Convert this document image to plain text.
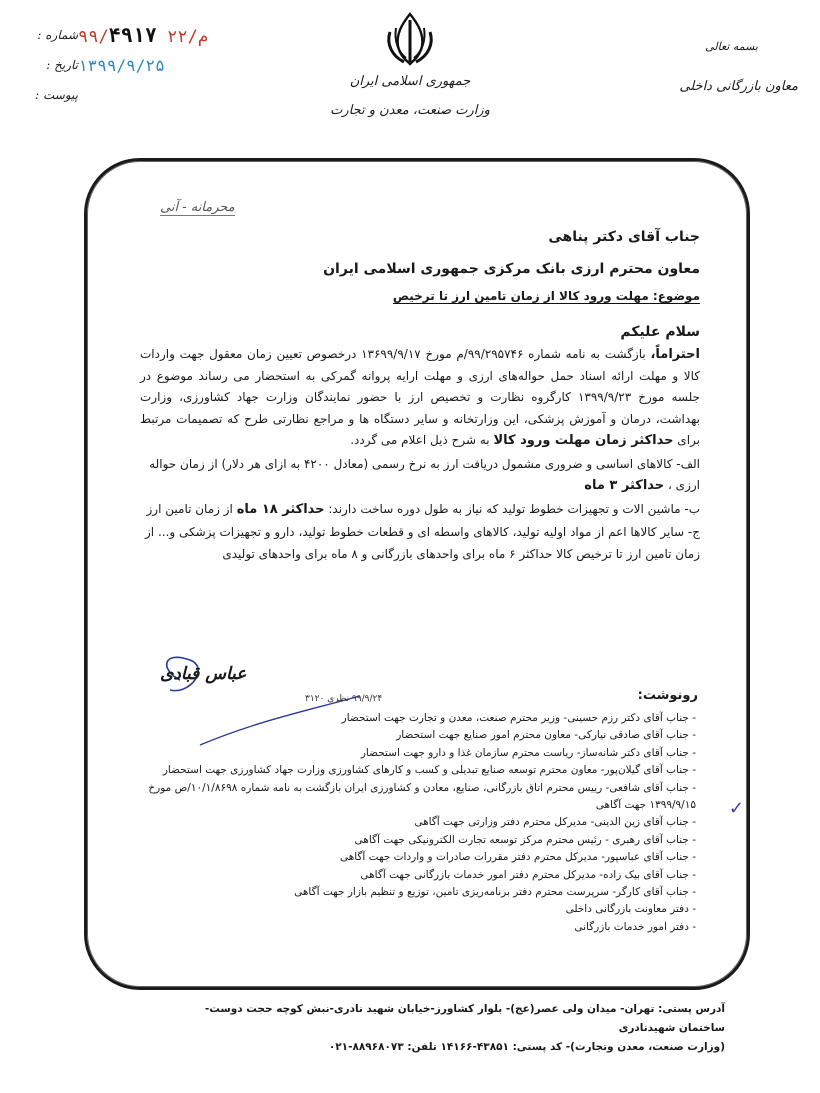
۹۹/م/۲۲ ۴۹۱۷
شماره :
۱۳۹۹/۹/۲۵
تاریخ :
پیوست :
جمهوری اسلامی ایران
وزارت صنعت، معدن و تجارت
بسمه تعالی
معاون بازرگانی داخلی
محرمانه - آنی
جناب آقای دکتر پناهی
معاون محترم ارزی بانک مرکزی جمهوری اسلامی ایران
موضوع: مهلت ورود کالا از زمان تامین ارز تا ترخیص
سلام علیکم

احتراماً، بازگشت به نامه شماره ۹۹/۲۹۵۷۴۶/م مورخ ۱۳۶۹۹/۹/۱۷ درخصوص تعیین زمان معقول جهت واردات کالا و مهلت ارائه اسناد حمل حواله‌های ارزی و مهلت ارایه پروانه گمرکی به استحضار می رساند موضوع در جلسه مورخ ۱۳۹۹/۹/۲۳ کارگروه نظارت و تخصیص ارز با حضور نمایندگان وزارت جهاد کشاورزی، وزارت بهداشت، درمان و آموزش پزشکی، این وزارتخانه و سایر دستگاه ها و مراجع نظارتی طرح که تصمیمات مرتبط برای حداکثر زمان مهلت ورود کالا به شرح ذیل اعلام می گردد.

الف- کالاهای اساسی و ضروری مشمول دریافت ارز به نرخ رسمی (معادل ۴۲۰۰ به ازای هر دلار) از زمان حواله ارزی ، حداکثر ۳ ماه

ب- ماشین الات و تجهیزات خطوط تولید که نیاز به طول دوره ساخت دارند: حداکثر ۱۸ ماه از زمان تامین ارز

ج- سایر کالاها اعم از مواد اولیه تولید، کالاهای واسطه ای و قطعات خطوط تولید، دارو و تجهیزات پزشکی و... از زمان تامین ارز تا ترخیص کالا حداکثر ۶ ماه برای واحدهای بازرگانی و ۸ ماه برای واحدهای تولیدی

عباس قبادی
رونوشت:
۹۹/۹/۲۴ نظری ۳۱۲۰
✓
- جناب آقای دکتر رزم حسینی- وزیر محترم صنعت، معدن و تجارت جهت استحضار
- جناب آقای صادقی نیارکی- معاون محترم امور صنایع جهت استحضار
- جناب آقای دکتر شانه‌ساز- ریاست محترم سازمان غذا و دارو جهت استحضار
- جناب آقای گیلان‌پور- معاون محترم توسعه صنایع تبدیلی و کسب و کارهای کشاورزی وزارت جهاد کشاورزی جهت استحضار
- جناب آقای شافعی- رییس محترم اتاق بازرگانی، صنایع، معادن و کشاورزی ایران بازگشت به نامه شماره ۱۰/۱/۸۶۹۸/ص مورخ ۱۳۹۹/۹/۱۵ جهت آگاهی
- جناب آقای زین الدینی- مدیرکل محترم دفتر وزارتی جهت آگاهی
- جناب آقای رهبری - رئیس محترم مرکز توسعه تجارت الکترونیکی جهت آگاهی
- جناب آقای عباسپور- مدیرکل محترم دفتر مقررات صادرات و واردات جهت آگاهی
- جناب آقای بیک زاده- مدیرکل محترم دفتر امور خدمات بازرگانی جهت آگاهی
- جناب آقای کارگر- سرپرست محترم دفتر برنامه‌ریزی تامین، توزیع و تنظیم بازار جهت آگاهی
- دفتر معاونت بازرگانی داخلی
- دفتر امور خدمات بازرگانی
آدرس پستی: تهران- میدان ولی عصر(عج)- بلوار کشاورز-خیابان شهید نادری-نبش کوچه حجت دوست- ساختمان شهیدنادری
(وزارت صنعت، معدن وتجارت)- کد پستی: ۴۳۸۵۱-۱۴۱۶۶ تلفن: ۸۸۹۶۸۰۷۳-۰۲۱
